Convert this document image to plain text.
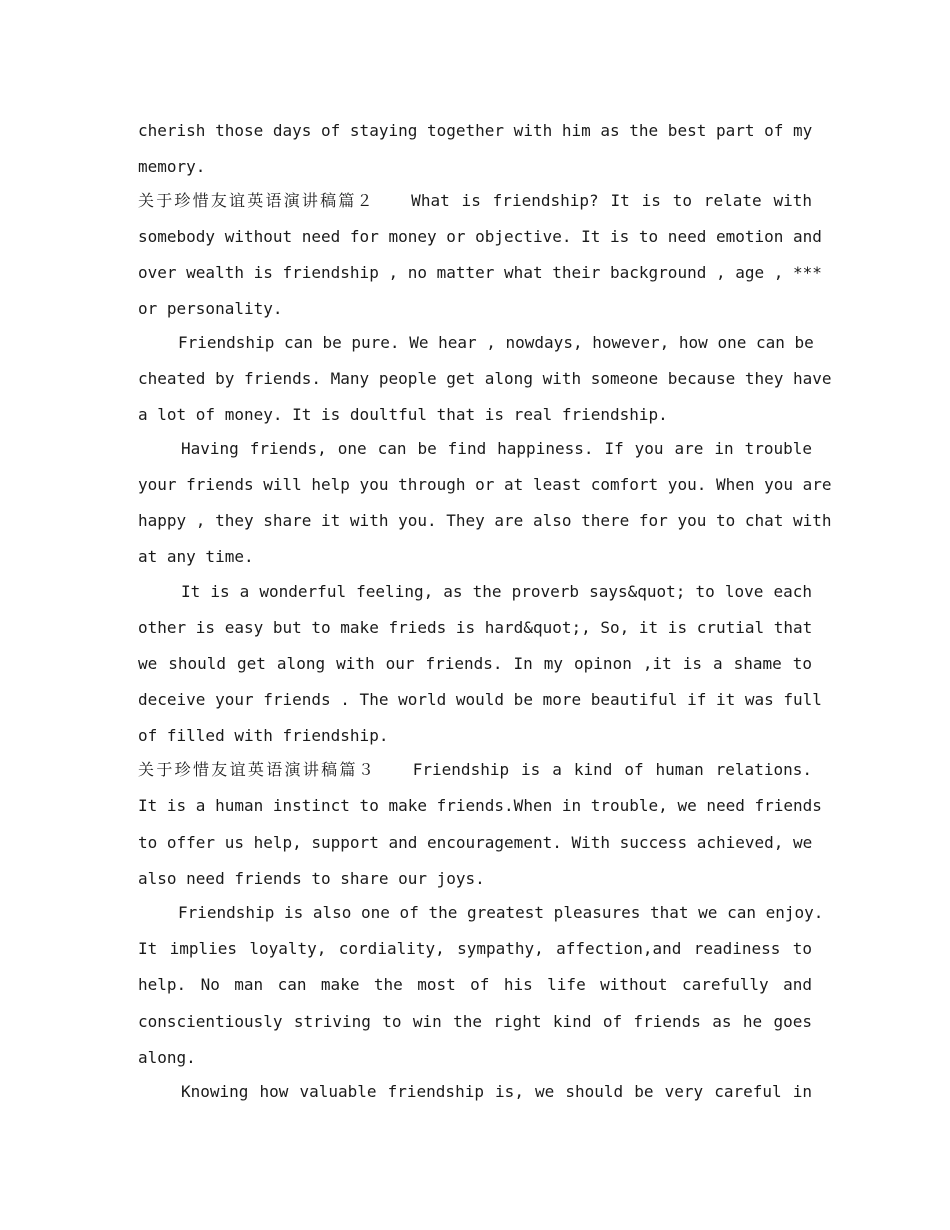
cherish those days of staying together with him as the best part of my
memory.
关于珍惜友谊英语演讲稿篇２　　What is friendship? It is to relate with
somebody without need for money or objective. It is to need emotion and
over wealth is friendship , no matter what their background , age , ***
or personality.
Friendship can be pure. We hear , nowdays, however, how one can be
cheated by friends. Many people get along with someone because they have
a lot of money. It is doultful that is real friendship.
Having friends, one can be find happiness. If you are in trouble
your friends will help you through or at least comfort you. When you are
happy , they share it with you. They are also there for you to chat with
at any time.
It is a wonderful feeling, as the proverb says&quot; to love each
other is easy but to make frieds is hard&quot;, So, it is crutial that
we should get along with our friends. In my opinon ,it is a shame to
deceive your friends . The world would be more beautiful if it was full
of filled with friendship.
关于珍惜友谊英语演讲稿篇３　　Friendship is a kind of human relations.
It is a human instinct to make friends.When in trouble, we need friends
to offer us help, support and encouragement. With success achieved, we
also need friends to share our joys.
Friendship is also one of the greatest pleasures that we can enjoy.
It implies loyalty, cordiality, sympathy, affection,and readiness to
help. No man can make the most of his life without carefully and
conscientiously striving to win the right kind of friends as he goes
along.
Knowing how valuable friendship is, we should be very careful in
